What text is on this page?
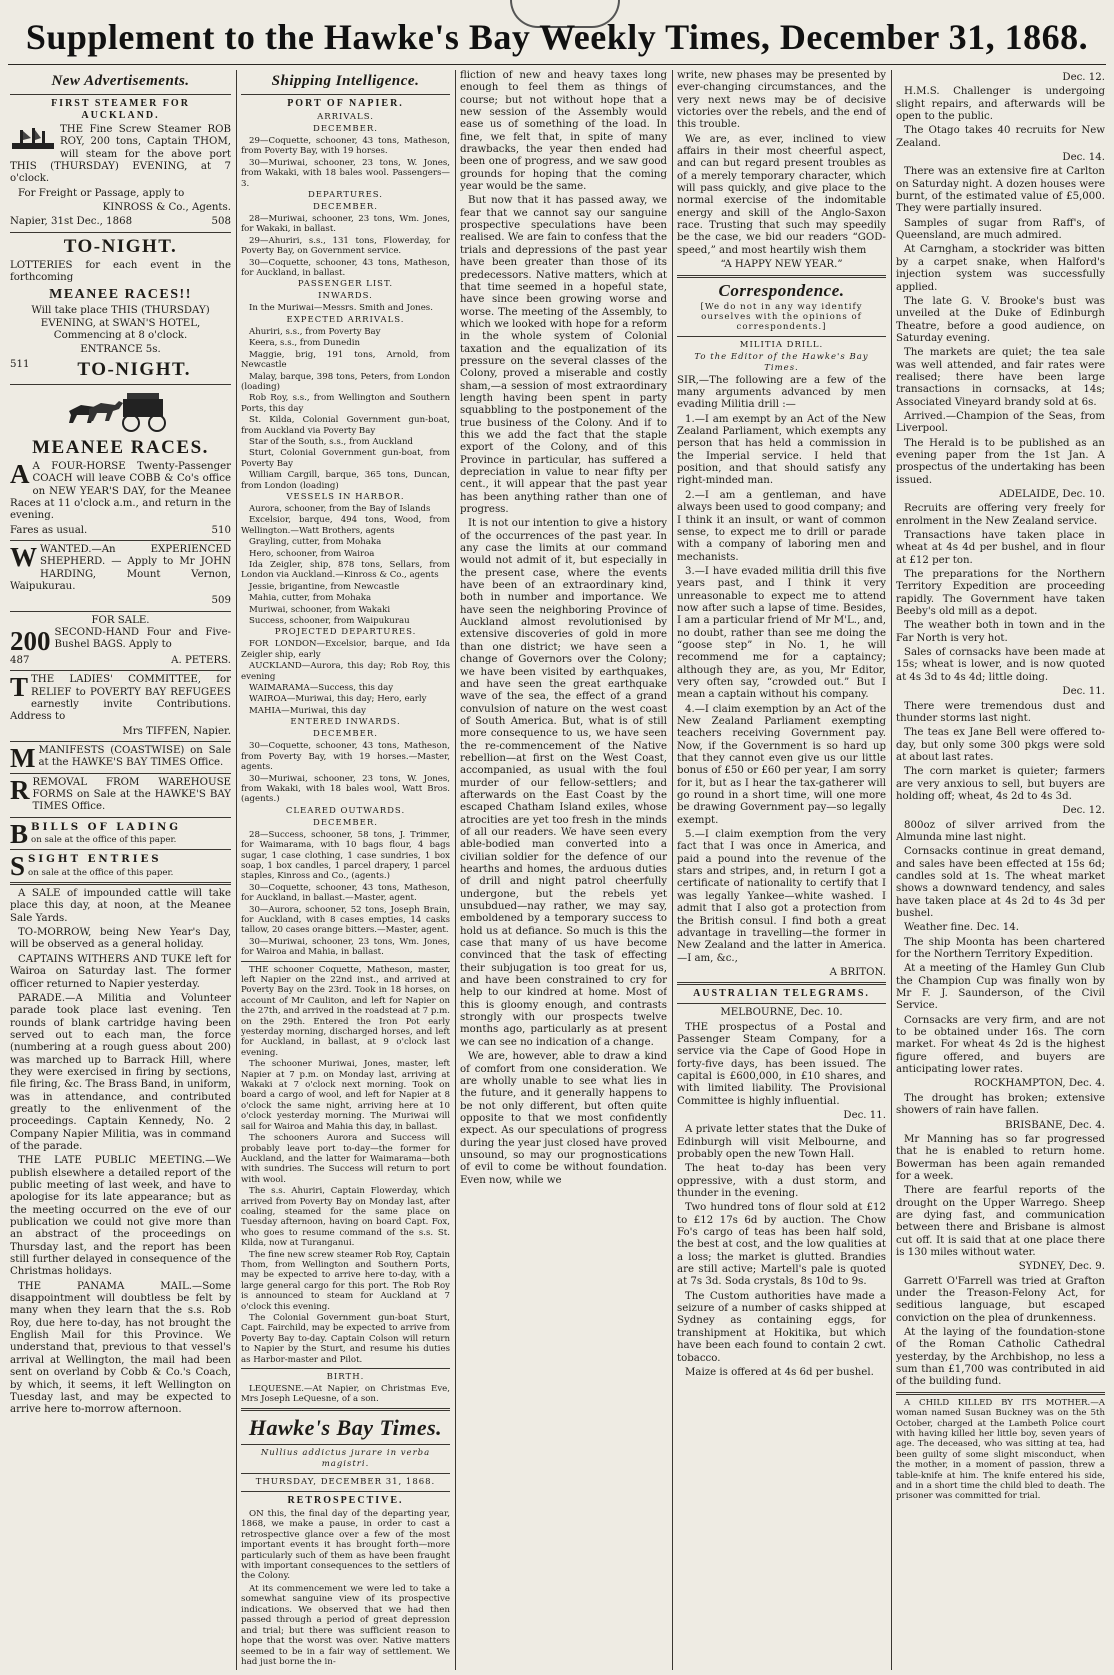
Supplement to the Hawke's Bay Weekly Times, December 31, 1868.
New Advertisements.
FIRST STEAMER FOR AUCKLAND.

THE Fine Screw Steamer ROB ROY, 200 tons, Captain THOM, will steam for the above port THIS (THURSDAY) EVENING, at 7 o'clock.

For Freight or Passage, apply to

KINROSS & Co., Agents.

Napier, 31st Dec., 1868	508
TO-NIGHT.

LOTTERIES for each event in the forthcoming

MEANEE RACES!!

Will take place THIS (THURSDAY) EVENING, at SWAN'S HOTEL, Commencing at 8 o'clock.

ENTRANCE 5s.

511	TO-NIGHT.
MEANEE RACES.

A A FOUR-HORSE Twenty-Passenger COACH will leave COBB & Co's office on NEW YEAR'S DAY, for the Meanee Races at 11 o'clock a.m., and return in the evening.

Fares as usual.	510

WWANTED.—An EXPERIENCED SHEPHERD. — Apply to Mr JOHN HARDING, Mount Vernon, Waipukurau.

509
FOR SALE.

200 SECOND-HAND Four and Five-Bushel BAGS. Apply to

487	A. PETERS.

TTHE LADIES' COMMITTEE, for RELIEF to POVERTY BAY REFUGEES earnestly invite Contributions. Address to

Mrs TIFFEN, Napier.

MMANIFESTS (COASTWISE) on Sale at the HAWKE'S BAY TIMES Office.

RREMOVAL FROM WAREHOUSE FORMS on Sale at the HAWKE'S BAY TIMES Office.

BBILLS OF LADING
on sale at the office of this paper.

SSIGHT ENTRIES
on sale at the office of this paper.

A SALE of impounded cattle will take place this day, at noon, at the Meanee Sale Yards.

TO-MORROW, being New Year's Day, will be observed as a general holiday.

CAPTAINS WITHERS AND TUKE left for Wairoa on Saturday last. The former officer returned to Napier yesterday.

PARADE.—A Militia and Volunteer parade took place last evening. Ten rounds of blank cartridge having been served out to each man, the force (numbering at a rough guess about 200) was marched up to Barrack Hill, where they were exercised in firing by sections, file firing, &c. The Brass Band, in uniform, was in attendance, and contributed greatly to the enlivenment of the proceedings. Captain Kennedy, No. 2 Company Napier Militia, was in command of the parade.

THE LATE PUBLIC MEETING.—We publish elsewhere a detailed report of the public meeting of last week, and have to apologise for its late appearance; but as the meeting occurred on the eve of our publication we could not give more than an abstract of the proceedings on Thursday last, and the report has been still further delayed in consequence of the Christmas holidays.

THE PANAMA MAIL.—Some disappointment will doubtless be felt by many when they learn that the s.s. Rob Roy, due here to-day, has not brought the English Mail for this Province. We understand that, previous to that vessel's arrival at Wellington, the mail had been sent on overland by Cobb & Co.'s Coach, by which, it seems, it left Wellington on Tuesday last, and may be expected to arrive here to-morrow afternoon.

Shipping Intelligence.
PORT OF NAPIER.
ARRIVALS.
DECEMBER.

29—Coquette, schooner, 43 tons, Matheson, from Poverty Bay, with 19 horses.

30—Muriwai, schooner, 23 tons, W. Jones, from Wakaki, with 18 bales wool. Passengers—3.

DEPARTURES.
DECEMBER.

28—Muriwai, schooner, 23 tons, Wm. Jones, for Wakaki, in ballast.

29—Ahuriri, s.s., 131 tons, Flowerday, for Poverty Bay, on Government service.

30—Coquette, schooner, 43 tons, Matheson, for Auckland, in ballast.

PASSENGER LIST.
INWARDS.

In the Muriwai—Messrs. Smith and Jones.

EXPECTED ARRIVALS.

Ahuriri, s.s., from Poverty Bay

Keera, s.s., from Dunedin

Maggie, brig, 191 tons, Arnold, from Newcastle

Malay, barque, 398 tons, Peters, from London (loading)

Rob Roy, s.s., from Wellington and Southern Ports, this day

St. Kilda, Colonial Government gun-boat, from Auckland via Poverty Bay

Star of the South, s.s., from Auckland

Sturt, Colonial Government gun-boat, from Poverty Bay

William Cargill, barque, 365 tons, Duncan, from London (loading)

VESSELS IN HARBOR.

Aurora, schooner, from the Bay of Islands

Excelsior, barque, 494 tons, Wood, from Wellington.—Watt Brothers, agents

Grayling, cutter, from Mohaka

Hero, schooner, from Wairoa

Ida Zeigler, ship, 878 tons, Sellars, from London via Auckland.—Kinross & Co., agents

Jessie, brigantine, from Newcastle

Mahia, cutter, from Mohaka

Muriwai, schooner, from Wakaki

Success, schooner, from Waipukurau

PROJECTED DEPARTURES.

FOR LONDON—Excelsior, barque, and Ida Zeigler ship, early

AUCKLAND—Aurora, this day; Rob Roy, this evening

WAIMARAMA—Success, this day

WAIROA—Muriwai, this day; Hero, early

MAHIA—Muriwai, this day

ENTERED INWARDS.
DECEMBER.

30—Coquette, schooner, 43 tons, Matheson, from Poverty Bay, with 19 horses.—Master, agents.

30—Muriwai, schooner, 23 tons, W. Jones, from Wakaki, with 18 bales wool, Watt Bros. (agents.)

CLEARED OUTWARDS.
DECEMBER.

28—Success, schooner, 58 tons, J. Trimmer, for Waimarama, with 10 bags flour, 4 bags sugar, 1 case clothing, 1 case sundries, 1 box soap, 1 box candles, 1 parcel drapery, 1 parcel staples, Kinross and Co., (agents.)

30—Coquette, schooner, 43 tons, Matheson, for Auckland, in ballast.—Master, agent.

30—Aurora, schooner, 52 tons, Joseph Brain, for Auckland, with 8 cases empties, 14 casks tallow, 20 cases orange bitters.—Master, agent.

30—Muriwai, schooner, 23 tons, Wm. Jones, for Wairoa and Mahia, in ballast.

THE schooner Coquette, Matheson, master, left Napier on the 22nd inst., and arrived at Poverty Bay on the 23rd. Took in 18 horses, on account of Mr Cauliton, and left for Napier on the 27th, and arrived in the roadstead at 7 p.m. on the 29th. Entered the Iron Pot early yesterday morning, discharged horses, and left for Auckland, in ballast, at 9 o'clock last evening.

The schooner Muriwai, Jones, master, left Napier at 7 p.m. on Monday last, arriving at Wakaki at 7 o'clock next morning. Took on board a cargo of wool, and left for Napier at 8 o'clock the same night, arriving here at 10 o'clock yesterday morning. The Muriwai will sail for Wairoa and Mahia this day, in ballast.

The schooners Aurora and Success will probably leave port to-day—the former for Auckland, and the latter for Waimarama—both with sundries. The Success will return to port with wool.

The s.s. Ahuriri, Captain Flowerday, which arrived from Poverty Bay on Monday last, after coaling, steamed for the same place on Tuesday afternoon, having on board Capt. Fox, who goes to resume command of the s.s. St. Kilda, now at Turanganui.

The fine new screw steamer Rob Roy, Captain Thom, from Wellington and Southern Ports, may be expected to arrive here to-day, with a large general cargo for this port. The Rob Roy is announced to steam for Auckland at 7 o'clock this evening.

The Colonial Government gun-boat Sturt, Capt. Fairchild, may be expected to arrive from Poverty Bay to-day. Captain Colson will return to Napier by the Sturt, and resume his duties as Harbor-master and Pilot.

BIRTH.

LEQUESNE.—At Napier, on Christmas Eve, Mrs Joseph LeQuesne, of a son.

Hawke's Bay Times.
Nullius addictus jurare in verba magistri.
THURSDAY, DECEMBER 31, 1868.
RETROSPECTIVE.

ON this, the final day of the departing year, 1868, we make a pause, in order to cast a retrospective glance over a few of the most important events it has brought forth—more particularly such of them as have been fraught with important consequences to the settlers of the Colony.

At its commencement we were led to take a somewhat sanguine view of its prospective indications. We observed that we had then passed through a period of great depression and trial; but there was sufficient reason to hope that the worst was over. Native matters seemed to be in a fair way of settlement. We had just borne the in-

fliction of new and heavy taxes long enough to feel them as things of course; but not without hope that a new session of the Assembly would ease us of something of the load. In fine, we felt that, in spite of many drawbacks, the year then ended had been one of progress, and we saw good grounds for hoping that the coming year would be the same.

But now that it has passed away, we fear that we cannot say our sanguine prospective speculations have been realised. We are fain to confess that the trials and depressions of the past year have been greater than those of its predecessors. Native matters, which at that time seemed in a hopeful state, have since been growing worse and worse. The meeting of the Assembly, to which we looked with hope for a reform in the whole system of Colonial taxation and the equalization of its pressure on the several classes of the Colony, proved a miserable and costly sham,—a session of most extraordinary length having been spent in party squabbling to the postponement of the true business of the Colony. And if to this we add the fact that the staple export of the Colony, and of this Province in particular, has suffered a depreciation in value to near fifty per cent., it will appear that the past year has been anything rather than one of progress.

It is not our intention to give a history of the occurrences of the past year. In any case the limits at our command would not admit of it, but especially in the present case, where the events have been of an extraordinary kind, both in number and importance. We have seen the neighboring Province of Auckland almost revolutionised by extensive discoveries of gold in more than one district; we have seen a change of Governors over the Colony; we have been visited by earthquakes, and have seen the great earthquake wave of the sea, the effect of a grand convulsion of nature on the west coast of South America. But, what is of still more consequence to us, we have seen the re-commencement of the Native rebellion—at first on the West Coast, accompanied, as usual with the foul murder of our fellow-settlers; and afterwards on the East Coast by the escaped Chatham Island exiles, whose atrocities are yet too fresh in the minds of all our readers. We have seen every able-bodied man converted into a civilian soldier for the defence of our hearths and homes, the arduous duties of drill and night patrol cheerfully undergone, but the rebels yet unsubdued—nay rather, we may say, emboldened by a temporary success to hold us at defiance. So much is this the case that many of us have become convinced that the task of effecting their subjugation is too great for us, and have been constrained to cry for help to our kindred at home. Most of this is gloomy enough, and contrasts strongly with our prospects twelve months ago, particularly as at present we can see no indication of a change.

We are, however, able to draw a kind of comfort from one consideration. We are wholly unable to see what lies in the future, and it generally happens to be not only different, but often quite opposite to that we most confidently expect. As our speculations of progress during the year just closed have proved unsound, so may our prognostications of evil to come be without foundation. Even now, while we

write, new phases may be presented by ever-changing circumstances, and the very next news may be of decisive victories over the rebels, and the end of this trouble.

We are, as ever, inclined to view affairs in their most cheerful aspect, and can but regard present troubles as of a merely temporary character, which will pass quickly, and give place to the normal exercise of the indomitable energy and skill of the Anglo-Saxon race. Trusting that such may speedily be the case, we bid our readers “GOD-speed,” and most heartily wish them

“A HAPPY NEW YEAR.”

Correspondence.
[We do not in any way identify ourselves with the opinions of correspondents.]
MILITIA DRILL.
To the Editor of the Hawke's Bay Times.

SIR,—The following are a few of the many arguments advanced by men evading Militia drill :—

1.—I am exempt by an Act of the New Zealand Parliament, which exempts any person that has held a commission in the Imperial service. I held that position, and that should satisfy any right-minded man.

2.—I am a gentleman, and have always been used to good company; and I think it an insult, or want of common sense, to expect me to drill or parade with a company of laboring men and mechanists.

3.—I have evaded militia drill this five years past, and I think it very unreasonable to expect me to attend now after such a lapse of time. Besides, I am a particular friend of Mr M'L., and, no doubt, rather than see me doing the “goose step” in No. 1, he will recommend me for a captaincy; although they are, as you, Mr Editor, very often say, “crowded out.” But I mean a captain without his company.

4.—I claim exemption by an Act of the New Zealand Parliament exempting teachers receiving Government pay. Now, if the Government is so hard up that they cannot even give us our little bonus of £50 or £60 per year, I am sorry for it, but as I hear the tax-gatherer will go round in a short time, will one more be drawing Government pay—so legally exempt.

5.—I claim exemption from the very fact that I was once in America, and paid a pound into the revenue of the stars and stripes, and, in return I got a certificate of nationality to certify that I was legally Yankee—white washed. I admit that I also got a protection from the British consul. I find both a great advantage in travelling—the former in New Zealand and the latter in America.—I am, &c.,

A BRITON.

AUSTRALIAN TELEGRAMS.
MELBOURNE, Dec. 10.

THE prospectus of a Postal and Passenger Steam Company, for a service via the Cape of Good Hope in forty-five days, has been issued. The capital is £600,000, in £10 shares, and with limited liability. The Provisional Committee is highly influential.

Dec. 11.

A private letter states that the Duke of Edinburgh will visit Melbourne, and probably open the new Town Hall.

The heat to-day has been very oppressive, with a dust storm, and thunder in the evening.

Two hundred tons of flour sold at £12 to £12 17s 6d by auction. The Chow Fo's cargo of teas has been half sold, the best at cost, and the low qualities at a loss; the market is glutted. Brandies are still active; Martell's pale is quoted at 7s 3d. Soda crystals, 8s 10d to 9s.

The Custom authorities have made a seizure of a number of casks shipped at Sydney as containing eggs, for transhipment at Hokitika, but which have been each found to contain 2 cwt. tobacco.

Maize is offered at 4s 6d per bushel.

Dec. 12.

H.M.S. Challenger is undergoing slight repairs, and afterwards will be open to the public.

The Otago takes 40 recruits for New Zealand.

Dec. 14.

There was an extensive fire at Carlton on Saturday night. A dozen houses were burnt, of the estimated value of £5,000. They were partially insured.

Samples of sugar from Raff's, of Queensland, are much admired.

At Carngham, a stockrider was bitten by a carpet snake, when Halford's injection system was successfully applied.

The late G. V. Brooke's bust was unveiled at the Duke of Edinburgh Theatre, before a good audience, on Saturday evening.

The markets are quiet; the tea sale was well attended, and fair rates were realised; there have been large transactions in cornsacks, at 14s; Associated Vineyard brandy sold at 6s.

Arrived.—Champion of the Seas, from Liverpool.

The Herald is to be published as an evening paper from the 1st Jan. A prospectus of the undertaking has been issued.

ADELAIDE, Dec. 10.

Recruits are offering very freely for enrolment in the New Zealand service.

Transactions have taken place in wheat at 4s 4d per bushel, and in flour at £12 per ton.

The preparations for the Northern Territory Expedition are proceeding rapidly. The Government have taken Beeby's old mill as a depot.

The weather both in town and in the Far North is very hot.

Sales of cornsacks have been made at 15s; wheat is lower, and is now quoted at 4s 3d to 4s 4d; little doing.

Dec. 11.

There were tremendous dust and thunder storms last night.

The teas ex Jane Bell were offered to-day, but only some 300 pkgs were sold at about last rates.

The corn market is quieter; farmers are very anxious to sell, but buyers are holding off; wheat, 4s 2d to 4s 3d.

Dec. 12.

800oz of silver arrived from the Almunda mine last night.

Cornsacks continue in great demand, and sales have been effected at 15s 6d; candles sold at 1s. The wheat market shows a downward tendency, and sales have taken place at 4s 2d to 4s 3d per bushel.

Weather fine. Dec. 14.

The ship Moonta has been chartered for the Northern Territory Expedition.

At a meeting of the Hamley Gun Club the Champion Cup was finally won by Mr F. J. Saunderson, of the Civil Service.

Cornsacks are very firm, and are not to be obtained under 16s. The corn market. For wheat 4s 2d is the highest figure offered, and buyers are anticipating lower rates.

ROCKHAMPTON, Dec. 4.

The drought has broken; extensive showers of rain have fallen.

BRISBANE, Dec. 4.

Mr Manning has so far progressed that he is enabled to return home. Bowerman has been again remanded for a week.

There are fearful reports of the drought on the Upper Warrego. Sheep are dying fast, and communication between there and Brisbane is almost cut off. It is said that at one place there is 130 miles without water.

SYDNEY, Dec. 9.

Garrett O'Farrell was tried at Grafton under the Treason-Felony Act, for seditious language, but escaped conviction on the plea of drunkenness.

At the laying of the foundation-stone of the Roman Catholic Cathedral yesterday, by the Archbishop, no less a sum than £1,700 was contributed in aid of the building fund.

A CHILD KILLED BY ITS MOTHER.—A woman named Susan Buckney was on the 5th October, charged at the Lambeth Police court with having killed her little boy, seven years of age. The deceased, who was sitting at tea, had been guilty of some slight misconduct, when the mother, in a moment of passion, threw a table-knife at him. The knife entered his side, and in a short time the child bled to death. The prisoner was committed for trial.
